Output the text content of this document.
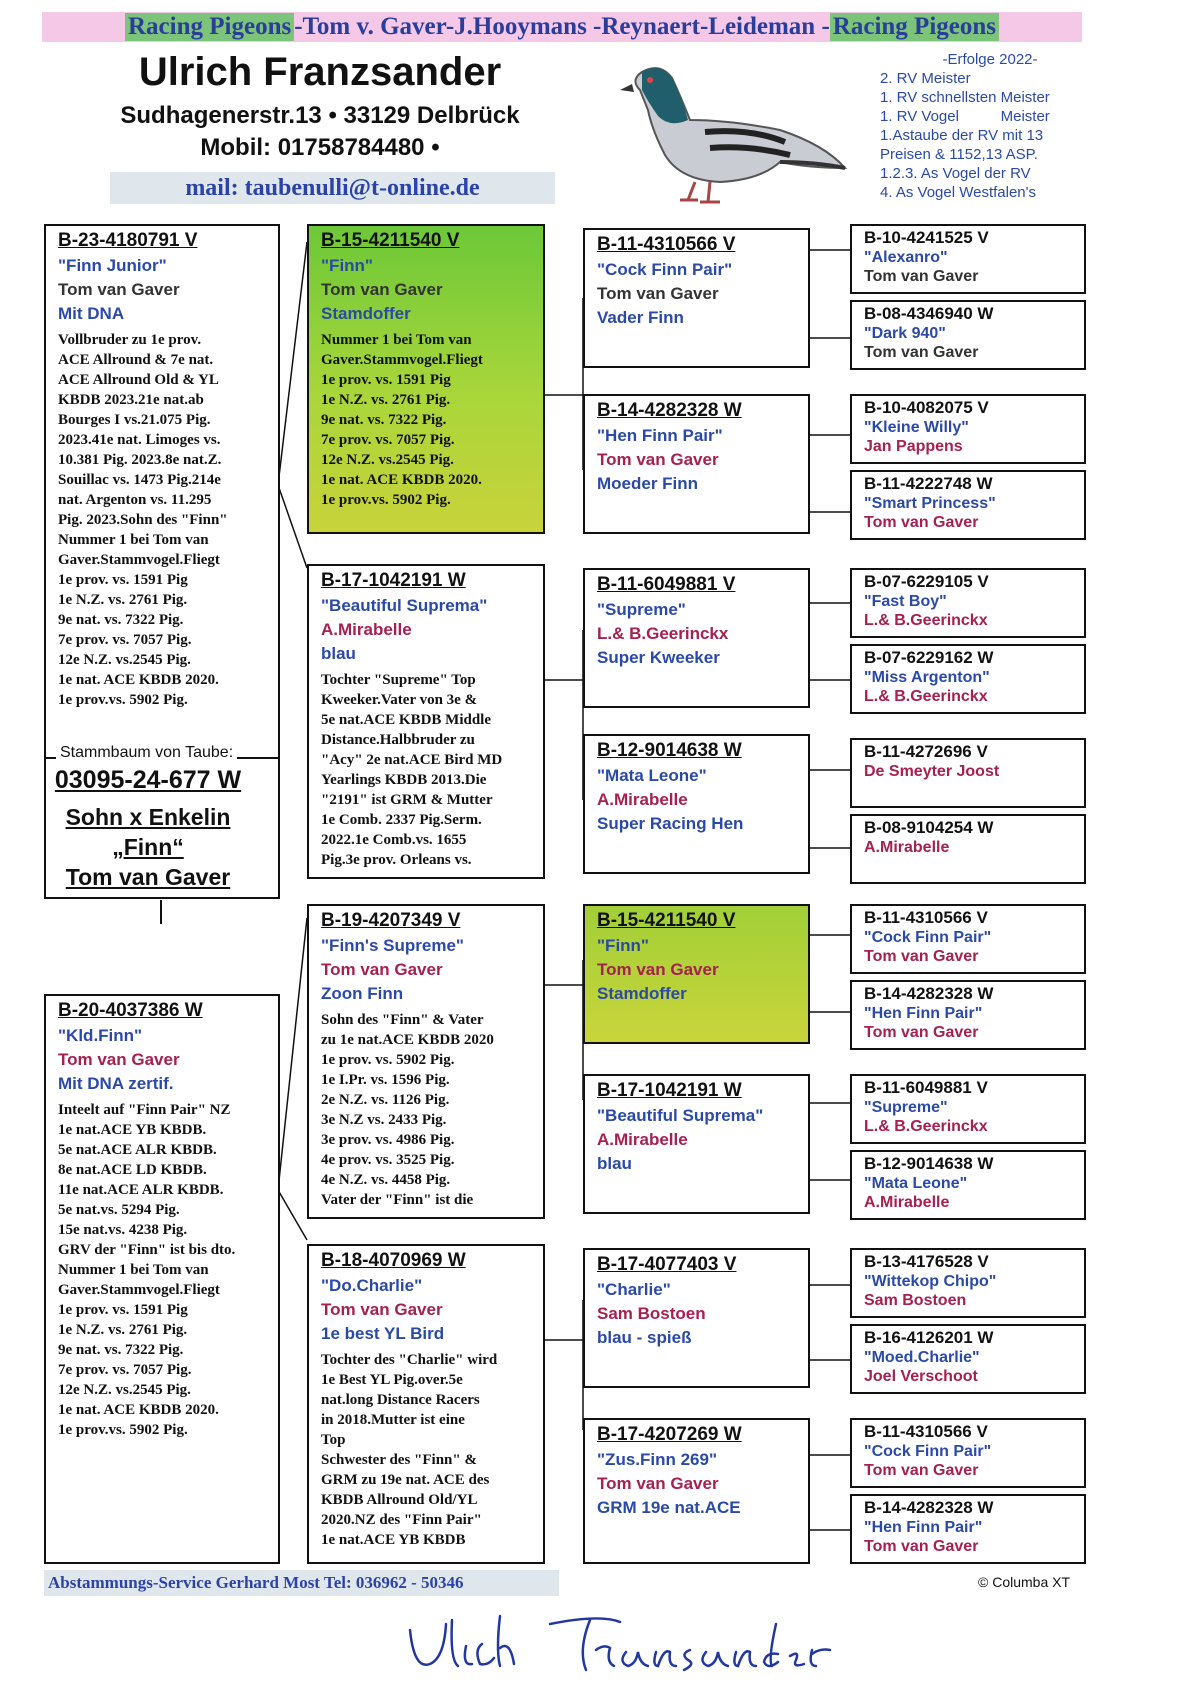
Racing Pigeons -Tom v. Gaver-J.Hooymans -Reynaert-Leideman - Racing Pigeons
Ulrich Franzsander
Sudhagenerstr.13 • 33129 Delbrück
Mobil: 01758784480 •
mail: taubenulli@t-online.de
-Erfolge 2022-
2. RV Meister
1. RV schnellsten Meister
1. RV Vogel          Meister
1.Astaube der RV mit 13
Preisen & 1152,13 ASP.
1.2.3. As Vogel der RV
4. As Vogel Westfalen's
B-23-4180791 V
"Finn Junior"
Tom van Gaver
Mit DNA
Vollbruder zu 1e prov.
ACE Allround & 7e nat.
ACE Allround Old & YL
KBDB 2023.21e nat.ab
Bourges I vs.21.075 Pig.
2023.41e nat. Limoges vs.
10.381 Pig. 2023.8e nat.Z.
Souillac vs. 1473 Pig.214e
nat. Argenton vs. 11.295
Pig. 2023.Sohn des "Finn"
Nummer 1 bei Tom van
Gaver.Stammvogel.Fliegt
1e prov. vs. 1591 Pig
1e N.Z. vs. 2761 Pig.
9e nat. vs. 7322 Pig.
7e prov. vs. 7057 Pig.
12e N.Z. vs.2545 Pig.
1e nat. ACE KBDB 2020.
1e prov.vs. 5902 Pig.
Stammbaum von Taube:
03095-24-677 W
Sohn x Enkelin
„Finn“
Tom van Gaver
B-20-4037386 W
"Kld.Finn"
Tom van Gaver
Mit DNA zertif.
Inteelt auf "Finn Pair" NZ
1e nat.ACE YB KBDB.
5e nat.ACE ALR KBDB.
8e nat.ACE LD KBDB.
11e nat.ACE ALR KBDB.
5e nat.vs. 5294 Pig.
15e nat.vs. 4238 Pig.
GRV der "Finn" ist bis dto.
Nummer 1 bei Tom van
Gaver.Stammvogel.Fliegt
1e prov. vs. 1591 Pig
1e N.Z. vs. 2761 Pig.
9e nat. vs. 7322 Pig.
7e prov. vs. 7057 Pig.
12e N.Z. vs.2545 Pig.
1e nat. ACE KBDB 2020.
1e prov.vs. 5902 Pig.
B-15-4211540 V
"Finn"
Tom van Gaver
Stamdoffer
Nummer 1 bei Tom van
Gaver.Stammvogel.Fliegt
1e prov. vs. 1591 Pig
1e N.Z. vs. 2761 Pig.
9e nat. vs. 7322 Pig.
7e prov. vs. 7057 Pig.
12e N.Z. vs.2545 Pig.
1e nat. ACE KBDB 2020.
1e prov.vs. 5902 Pig.
B-17-1042191 W
"Beautiful Suprema"
A.Mirabelle
blau
Tochter "Supreme" Top
Kweeker.Vater von 3e &
5e nat.ACE KBDB Middle
Distance.Halbbruder zu
"Acy" 2e nat.ACE Bird MD
Yearlings KBDB 2013.Die
"2191" ist GRM & Mutter
1e Comb. 2337 Pig.Serm.
2022.1e Comb.vs. 1655
Pig.3e prov. Orleans vs.
B-19-4207349 V
"Finn's Supreme"
Tom van Gaver
Zoon Finn
Sohn des "Finn" & Vater
zu 1e nat.ACE KBDB 2020
1e prov. vs. 5902 Pig.
1e I.Pr. vs. 1596 Pig.
2e N.Z. vs. 1126 Pig.
3e N.Z vs. 2433 Pig.
3e prov. vs. 4986 Pig.
4e prov. vs. 3525 Pig.
4e N.Z. vs. 4458 Pig.
Vater der "Finn" ist die
B-18-4070969 W
"Do.Charlie"
Tom van Gaver
1e best YL Bird
Tochter des "Charlie" wird
1e Best YL Pig.over.5e
nat.long Distance Racers
in 2018.Mutter ist eine
Top
Schwester des "Finn" &
GRM zu 19e nat. ACE des
KBDB Allround Old/YL
2020.NZ des "Finn Pair"
1e nat.ACE YB KBDB
B-11-4310566 V
"Cock Finn Pair"
Tom van Gaver
Vader Finn
B-14-4282328 W
"Hen Finn Pair"
Tom van Gaver
Moeder Finn
B-11-6049881 V
"Supreme"
L.& B.Geerinckx
Super Kweeker
B-12-9014638 W
"Mata Leone"
A.Mirabelle
Super Racing Hen
B-15-4211540 V
"Finn"
Tom van Gaver
Stamdoffer
B-17-1042191 W
"Beautiful Suprema"
A.Mirabelle
blau
B-17-4077403 V
"Charlie"
Sam Bostoen
blau - spieß
B-17-4207269 W
"Zus.Finn 269"
Tom van Gaver
GRM 19e nat.ACE
B-10-4241525 V
"Alexanro"
Tom van Gaver
B-08-4346940 W
"Dark 940"
Tom van Gaver
B-10-4082075 V
"Kleine Willy"
Jan Pappens
B-11-4222748 W
"Smart Princess"
Tom van Gaver
B-07-6229105 V
"Fast Boy"
L.& B.Geerinckx
B-07-6229162 W
"Miss Argenton"
L.& B.Geerinckx
B-11-4272696 V
De Smeyter Joost
B-08-9104254 W
A.Mirabelle
B-11-4310566 V
"Cock Finn Pair"
Tom van Gaver
B-14-4282328 W
"Hen Finn Pair"
Tom van Gaver
B-11-6049881 V
"Supreme"
L.& B.Geerinckx
B-12-9014638 W
"Mata Leone"
A.Mirabelle
B-13-4176528 V
"Wittekop Chipo"
Sam Bostoen
B-16-4126201 W
"Moed.Charlie"
Joel Verschoot
B-11-4310566 V
"Cock Finn Pair"
Tom van Gaver
B-14-4282328 W
"Hen Finn Pair"
Tom van Gaver
Abstammungs-Service Gerhard Most Tel: 036962 - 50346	© Columba XT
